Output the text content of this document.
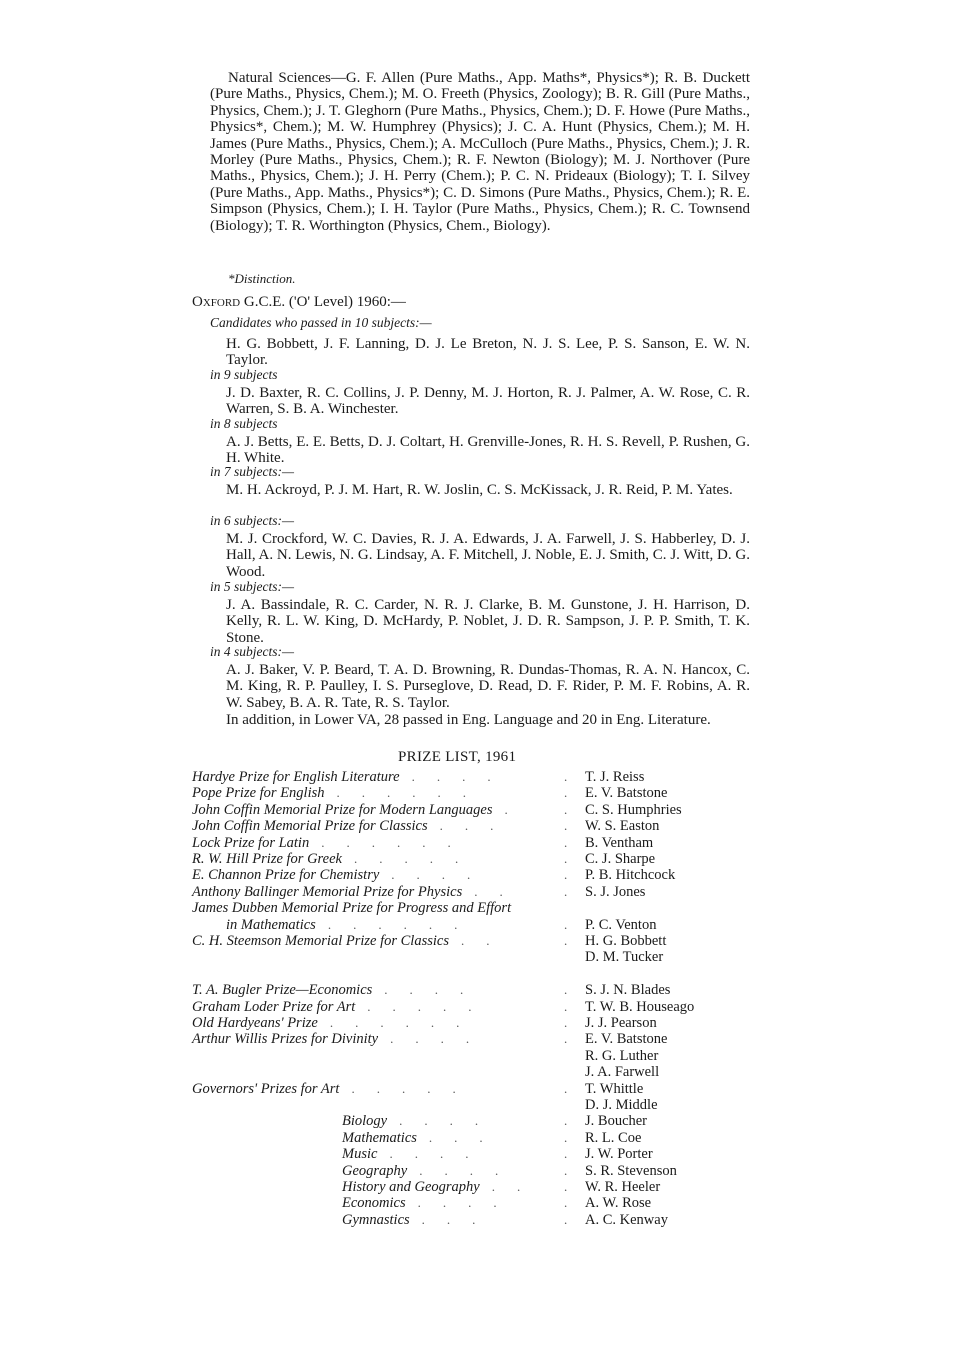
Natural Sciences—G. F. Allen (Pure Maths., App. Maths*, Physics*); R. B. Duckett (Pure Maths., Physics, Chem.); M. O. Freeth (Physics, Zoology); B. R. Gill (Pure Maths., Physics, Chem.); J. T. Gleghorn (Pure Maths., Physics, Chem.); D. F. Howe (Pure Maths., Physics*, Chem.); M. W. Humphrey (Physics); J. C. A. Hunt (Physics, Chem.); M. H. James (Pure Maths., Physics, Chem.); A. McCulloch (Pure Maths., Physics, Chem.); J. R. Morley (Pure Maths., Physics, Chem.); R. F. Newton (Biology); M. J. Northover (Pure Maths., Physics, Chem.); J. H. Perry (Chem.); P. C. N. Prideaux (Biology); T. I. Silvey (Pure Maths., App. Maths., Physics*); C. D. Simons (Pure Maths., Physics, Chem.); R. E. Simpson (Physics, Chem.); I. H. Taylor (Pure Maths., Physics, Chem.); R. C. Townsend (Biology); T. R. Worthington (Physics, Chem., Biology).

*Distinction.

Oxford G.C.E. ('O' Level) 1960:—

Candidates who passed in 10 subjects:—

H. G. Bobbett, J. F. Lanning, D. J. Le Breton, N. J. S. Lee, P. S. Sanson, E. W. N. Taylor.

in 9 subjects

J. D. Baxter, R. C. Collins, J. P. Denny, M. J. Horton, R. J. Palmer, A. W. Rose, C. R. Warren, S. B. A. Winchester.

in 8 subjects

A. J. Betts, E. E. Betts, D. J. Coltart, H. Grenville-Jones, R. H. S. Revell, P. Rushen, G. H. White.

in 7 subjects:—

M. H. Ackroyd, P. J. M. Hart, R. W. Joslin, C. S. McKissack, J. R. Reid, P. M. Yates.

in 6 subjects:—

M. J. Crockford, W. C. Davies, R. J. A. Edwards, J. A. Farwell, J. S. Habberley, D. J. Hall, A. N. Lewis, N. G. Lindsay, A. F. Mitchell, J. Noble, E. J. Smith, C. J. Witt, D. G. Wood.

in 5 subjects:—

J. A. Bassindale, R. C. Carder, N. R. J. Clarke, B. M. Gunstone, J. H. Harrison, D. Kelly, R. L. W. King, D. McHardy, P. Noblet, J. D. R. Sampson, J. P. P. Smith, T. K. Stone.

in 4 subjects:—

A. J. Baker, V. P. Beard, T. A. D. Browning, R. Dundas-Thomas, R. A. N. Hancox, C. M. King, R. P. Paulley, I. S. Purseglove, D. Read, D. F. Rider, P. M. F. Robins, A. R. W. Sabey, B. A. R. Tate, R. S. Taylor.

In addition, in Lower VA, 28 passed in Eng. Language and 20 in Eng. Literature.

PRIZE LIST, 1961

Hardye Prize for English Literature ....	T. J. Reiss
.
Pope Prize for English ......	E. V. Batstone
.
John Coffin Memorial Prize for Modern Languages .	C. S. Humphries
.
John Coffin Memorial Prize for Classics ...	W. S. Easton
.
Lock Prize for Latin ......	B. Ventham
.
R. W. Hill Prize for Greek .....	C. J. Sharpe
.
E. Channon Prize for Chemistry ....	P. B. Hitchcock
.
Anthony Ballinger Memorial Prize for Physics ..	S. J. Jones
.
James Dubben Memorial Prize for Progress and Effort
in Mathematics ......	P. C. Venton
.
C. H. Steemson Memorial Prize for Classics ..	H. G. Bobbett
.
D. M. Tucker
T. A. Bugler Prize—Economics ....	S. J. N. Blades
.
Graham Loder Prize for Art .....	T. W. B. Houseago
.
Old Hardyeans' Prize ......	J. J. Pearson
.
Arthur Willis Prizes for Divinity ....	E. V. Batstone
.
R. G. Luther
J. A. Farwell
Governors' Prizes for Art .....	T. Whittle
.
D. J. Middle
Biology ....	J. Boucher
.
Mathematics ...	R. L. Coe
.
Music ....	J. W. Porter
.
Geography ....	S. R. Stevenson
.
History and Geography ..	W. R. Heeler
.
Economics ....	A. W. Rose
.
Gymnastics ...	A. C. Kenway
.
